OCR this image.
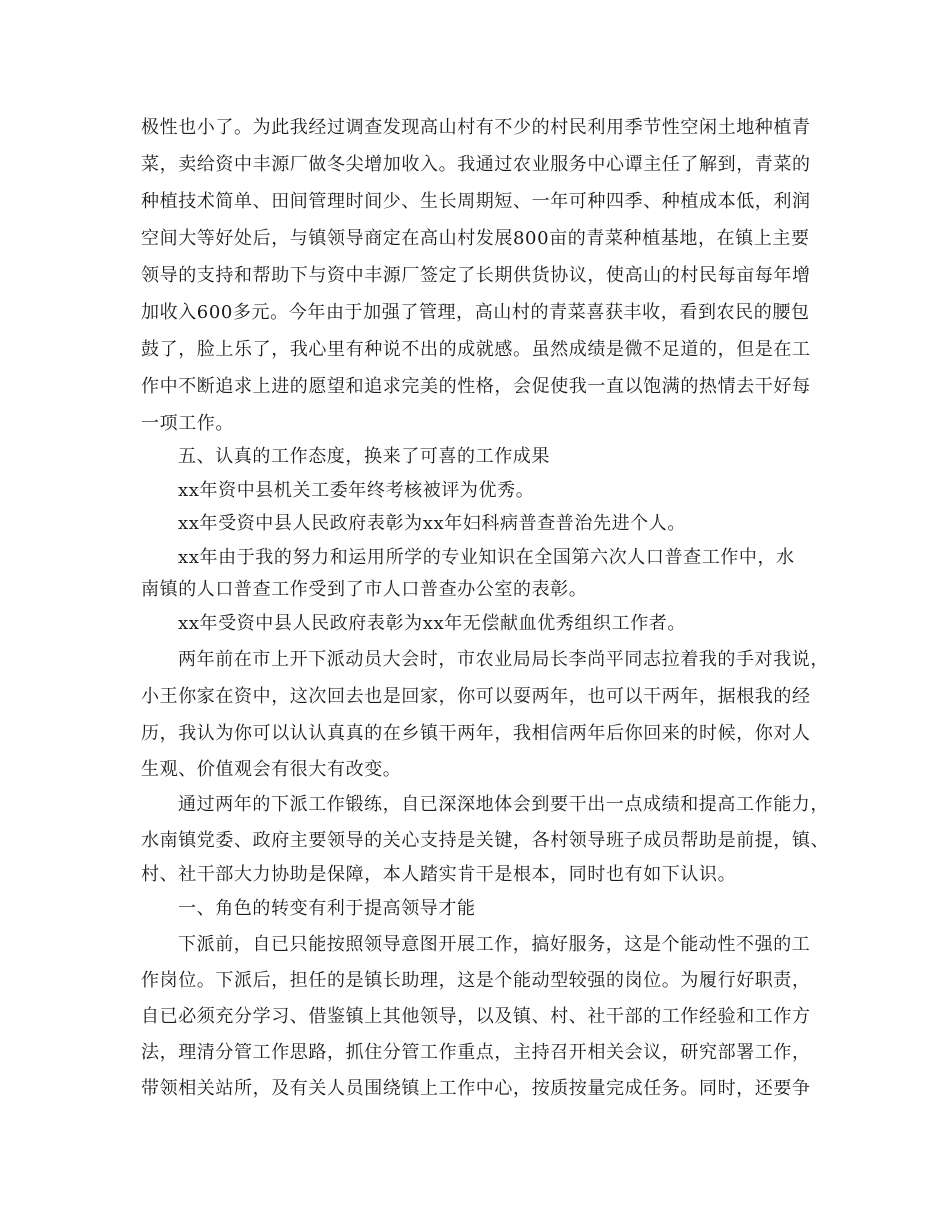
极性也小了。为此我经过调查发现高山村有不少的村民利用季节性空闲土地种植青
菜，卖给资中丰源厂做冬尖增加收入。我通过农业服务中心谭主任了解到，青菜的
种植技术简单、田间管理时间少、生长周期短、一年可种四季、种植成本低，利润
空间大等好处后，与镇领导商定在高山村发展800亩的青菜种植基地，在镇上主要
领导的支持和帮助下与资中丰源厂签定了长期供货协议，使高山的村民每亩每年增
加收入600多元。今年由于加强了管理，高山村的青菜喜获丰收，看到农民的腰包
鼓了，脸上乐了，我心里有种说不出的成就感。虽然成绩是微不足道的，但是在工
作中不断追求上进的愿望和追求完美的性格，会促使我一直以饱满的热情去干好每
一项工作。
五、认真的工作态度，换来了可喜的工作成果
xx年资中县机关工委年终考核被评为优秀。
xx年受资中县人民政府表彰为xx年妇科病普查普治先进个人。
xx年由于我的努力和运用所学的专业知识在全国第六次人口普查工作中，水
南镇的人口普查工作受到了市人口普查办公室的表彰。
xx年受资中县人民政府表彰为xx年无偿献血优秀组织工作者。
两年前在市上开下派动员大会时，市农业局局长李尚平同志拉着我的手对我说，
小王你家在资中，这次回去也是回家，你可以耍两年，也可以干两年，据根我的经
历，我认为你可以认认真真的在乡镇干两年，我相信两年后你回来的时候，你对人
生观、价值观会有很大有改变。
通过两年的下派工作锻练，自已深深地体会到要干出一点成绩和提高工作能力，
水南镇党委、政府主要领导的关心支持是关键，各村领导班子成员帮助是前提，镇、
村、社干部大力协助是保障，本人踏实肯干是根本，同时也有如下认识。
一、角色的转变有利于提高领导才能
下派前，自已只能按照领导意图开展工作，搞好服务，这是个能动性不强的工
作岗位。下派后，担任的是镇长助理，这是个能动型较强的岗位。为履行好职责，
自已必须充分学习、借鉴镇上其他领导，以及镇、村、社干部的工作经验和工作方
法，理清分管工作思路，抓住分管工作重点，主持召开相关会议，研究部署工作，
带领相关站所，及有关人员围绕镇上工作中心，按质按量完成任务。同时，还要争
